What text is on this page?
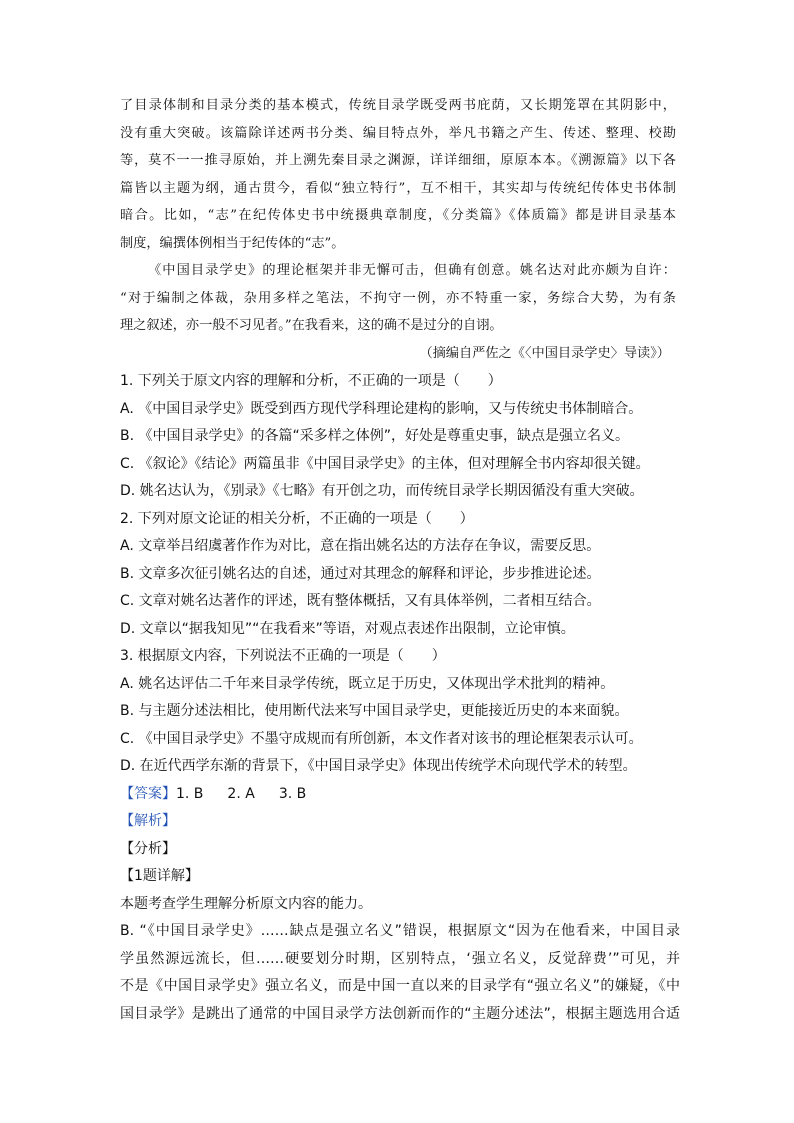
了目录体制和目录分类的基本模式，传统目录学既受两书庇荫，又长期笼罩在其阴影中，
没有重大突破。该篇除详述两书分类、编目特点外，举凡书籍之产生、传述、整理、校勘
等，莫不一一推寻原始，并上溯先秦目录之渊源，详详细细，原原本本。《溯源篇》以下各
篇皆以主题为纲，通古贯今，看似“独立特行”，互不相干，其实却与传统纪传体史书体制
暗合。比如，“志”在纪传体史书中统摄典章制度，《分类篇》《体质篇》都是讲目录基本
制度，编撰体例相当于纪传体的“志”。
《中国目录学史》的理论框架并非无懈可击，但确有创意。姚名达对此亦颇为自许：
“对于编制之体裁，杂用多样之笔法，不拘守一例，亦不特重一家，务综合大势，为有条
理之叙述，亦一般不习见者。”在我看来，这的确不是过分的自诩。
（摘编自严佐之《〈中国目录学史〉导读》）
1. 下列关于原文内容的理解和分析，不正确的一项是（　　）
A. 《中国目录学史》既受到西方现代学科理论建构的影响，又与传统史书体制暗合。
B. 《中国目录学史》的各篇“采多样之体例”，好处是尊重史事，缺点是强立名义。
C. 《叙论》《结论》两篇虽非《中国目录学史》的主体，但对理解全书内容却很关键。
D. 姚名达认为，《别录》《七略》有开创之功，而传统目录学长期因循没有重大突破。
2. 下列对原文论证的相关分析，不正确的一项是（　　）
A. 文章举吕绍虞著作作为对比，意在指出姚名达的方法存在争议，需要反思。
B. 文章多次征引姚名达的自述，通过对其理念的解释和评论，步步推进论述。
C. 文章对姚名达著作的评述，既有整体概括，又有具体举例，二者相互结合。
D. 文章以“据我知见”“在我看来”等语，对观点表述作出限制，立论审慎。
3. 根据原文内容，下列说法不正确的一项是（　　）
A. 姚名达评估二千年来目录学传统，既立足于历史，又体现出学术批判的精神。
B. 与主题分述法相比，使用断代法来写中国目录学史，更能接近历史的本来面貌。
C. 《中国目录学史》不墨守成规而有所创新，本文作者对该书的理论框架表示认可。
D. 在近代西学东渐的背景下，《中国目录学史》体现出传统学术向现代学术的转型。
【答案】1. B 2. A 3. B
【解析】
【分析】
【1题详解】
本题考查学生理解分析原文内容的能力。
B. “《中国目录学史》……缺点是强立名义”错误，根据原文“因为在他看来，中国目录
学虽然源远流长，但……硬要划分时期，区别特点，‘强立名义，反觉辞费’”可见，并
不是《中国目录学史》强立名义，而是中国一直以来的目录学有“强立名义”的嫌疑，《中
国目录学》是跳出了通常的中国目录学方法创新而作的“主题分述法”，根据主题选用合适
